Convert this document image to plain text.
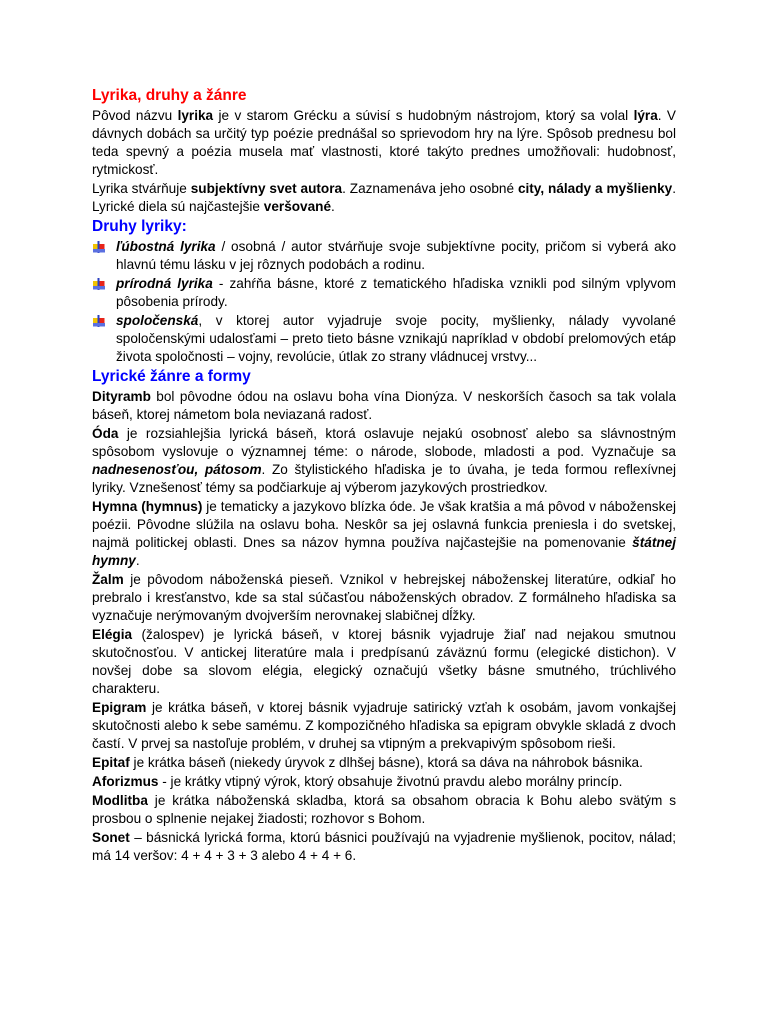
Lyrika, druhy a žánre

Pôvod názvu lyrika je v starom Grécku a súvisí s hudobným nástrojom, ktorý sa volal lýra. V dávnych dobách sa určitý typ poézie prednášal so sprievodom hry na lýre. Spôsob prednesu bol teda spevný a poézia musela mať vlastnosti, ktoré takýto prednes umožňovali: hudobnosť, rytmickosť.

Lyrika stvárňuje subjektívny svet autora. Zaznamenáva jeho osobné city, nálady a myšlienky. Lyrické diela sú najčastejšie veršované.

Druhy lyriky:
ľúbostná lyrika / osobná / autor stvárňuje svoje subjektívne pocity, pričom si vyberá ako hlavnú tému lásku v jej rôznych podobách a rodinu.
prírodná lyrika - zahŕňa básne, ktoré z tematického hľadiska vznikli pod silným vplyvom pôsobenia prírody.
spoločenská, v ktorej autor vyjadruje svoje pocity, myšlienky, nálady vyvolané spoločenskými udalosťami – preto tieto básne vznikajú napríklad v období prelomových etáp života spoločnosti – vojny, revolúcie, útlak zo strany vládnucej vrstvy...
Lyrické žánre a formy

Dityramb bol pôvodne ódou na oslavu boha vína Dionýza. V neskorších časoch sa tak volala báseň, ktorej námetom bola neviazaná radosť.

Óda je rozsiahlejšia lyrická báseň, ktorá oslavuje nejakú osobnosť alebo sa slávnostným spôsobom vyslovuje o významnej téme: o národe, slobode, mladosti a pod. Vyznačuje sa nadnesenosťou, pátosom. Zo štylistického hľadiska je to úvaha, je teda formou reflexívnej lyriky. Vznešenosť témy sa podčiarkuje aj výberom jazykových prostriedkov.

Hymna (hymnus) je tematicky a jazykovo blízka óde. Je však kratšia a má pôvod v náboženskej poézii. Pôvodne slúžila na oslavu boha. Neskôr sa jej oslavná funkcia preniesla i do svetskej, najmä politickej oblasti. Dnes sa názov hymna používa najčastejšie na pomenovanie štátnej hymny.

Žalm je pôvodom náboženská pieseň. Vznikol v hebrejskej náboženskej literatúre, odkiaľ ho prebralo i kresťanstvo, kde sa stal súčasťou náboženských obradov. Z formálneho hľadiska sa vyznačuje nerýmovaným dvojverším nerovnakej slabičnej dĺžky.

Elégia (žalospev) je lyrická báseň, v ktorej básnik vyjadruje žiaľ nad nejakou smutnou skutočnosťou. V antickej literatúre mala i predpísanú záväznú formu (elegické distichon). V novšej dobe sa slovom elégia, elegický označujú všetky básne smutného, trúchlivého charakteru.

Epigram je krátka báseň, v ktorej básnik vyjadruje satirický vzťah k osobám, javom vonkajšej skutočnosti alebo k sebe samému. Z kompozičného hľadiska sa epigram obvykle skladá z dvoch častí. V prvej sa nastoľuje problém, v druhej sa vtipným a prekvapivým spôsobom rieši.

Epitaf je krátka báseň (niekedy úryvok z dlhšej básne), ktorá sa dáva na náhrobok básnika.

Aforizmus - je krátky vtipný výrok, ktorý obsahuje životnú pravdu alebo morálny princíp.

Modlitba je krátka náboženská skladba, ktorá sa obsahom obracia k Bohu alebo svätým s prosbou o splnenie nejakej žiadosti; rozhovor s Bohom.

Sonet – básnická lyrická forma, ktorú básnici používajú na vyjadrenie myšlienok, pocitov, nálad; má 14 veršov: 4 + 4 + 3 + 3 alebo 4 + 4 + 6.
